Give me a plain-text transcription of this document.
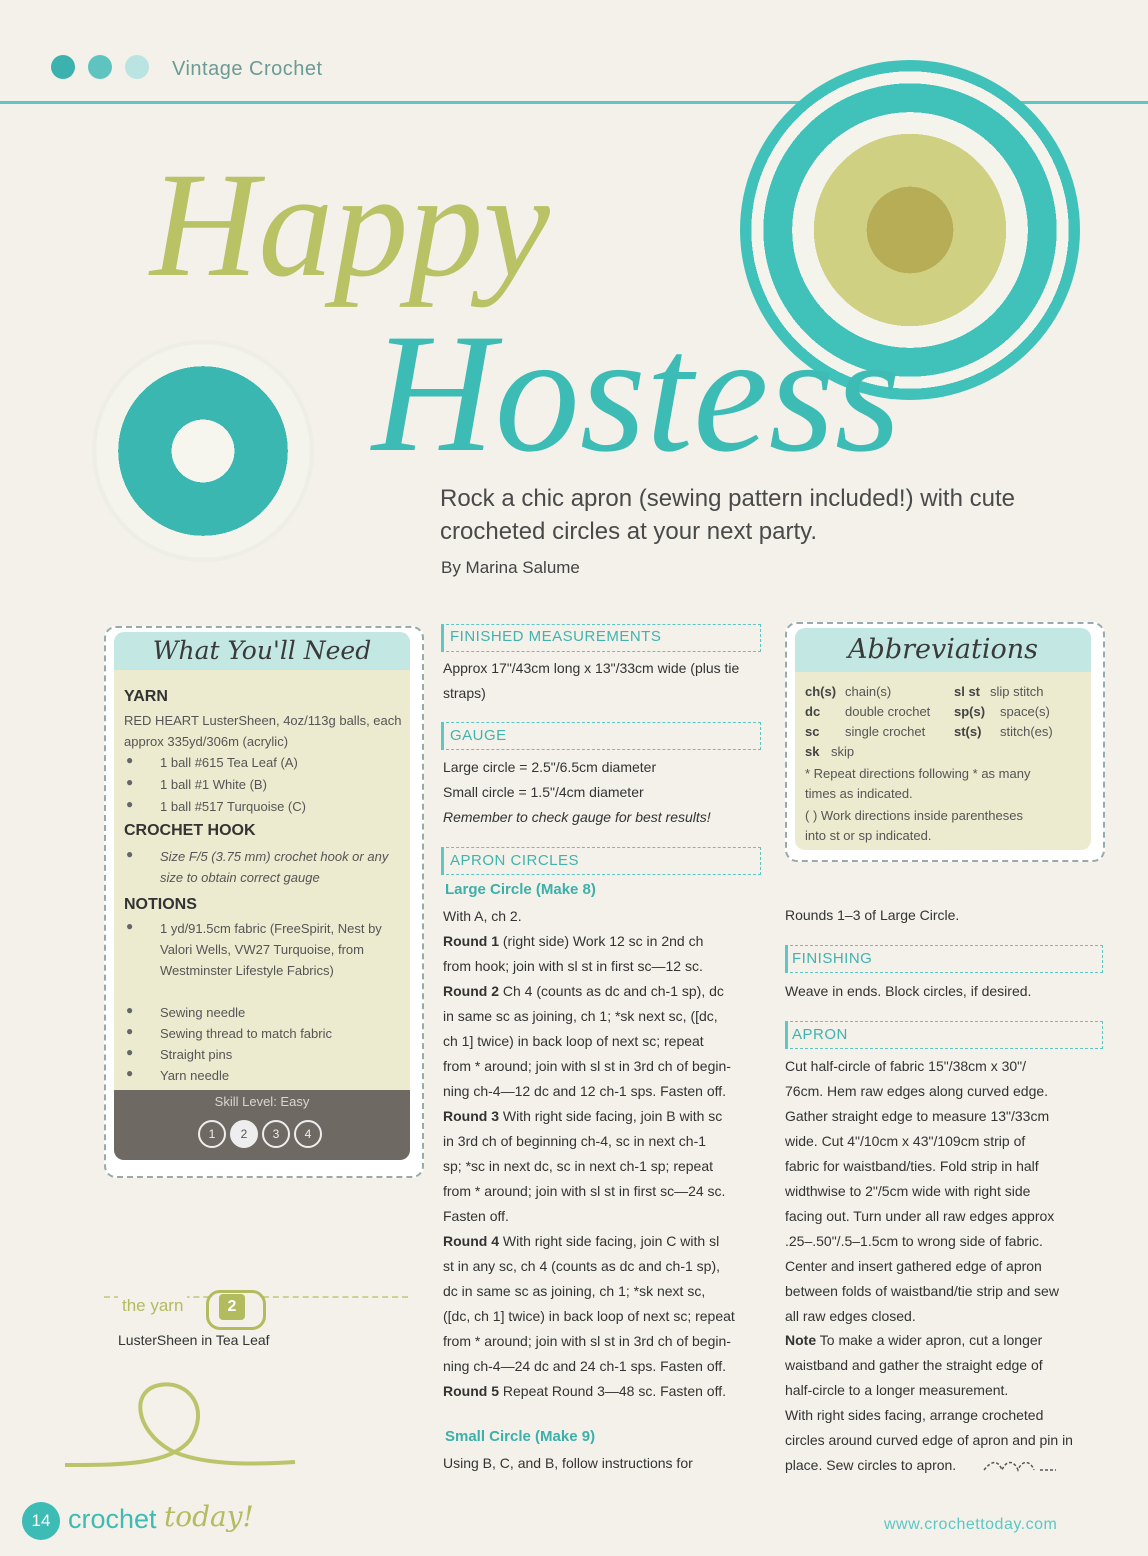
Vintage Crochet
Happy
Hostess
Rock a chic apron (sewing pattern included!) with cute crocheted circles at your next party.
By Marina Salume
What You'll Need
YARN
RED HEART LusterSheen, 4oz/113g balls, each approx 335yd/306m (acrylic)
● 1 ball #615 Tea Leaf (A)
● 1 ball #1 White (B)
● 1 ball #517 Turquoise (C)
CROCHET HOOK
● Size F/5 (3.75 mm) crochet hook or any size to obtain correct gauge
NOTIONS
● 1 yd/91.5cm fabric (FreeSpirit, Nest by Valori Wells, VW27 Turquoise, from Westminster Lifestyle Fabrics)
● Sewing needle
● Sewing thread to match fabric
● Straight pins
● Yarn needle
Skill Level: Easy
1	2	3	4
the yarn	2
LusterSheen in Tea Leaf
FINISHED MEASUREMENTS
Approx 17"/43cm long x 13"/33cm wide (plus tie straps)
GAUGE
Large circle = 2.5"/6.5cm diameter
Small circle = 1.5"/4cm diameter
Remember to check gauge for best results!
APRON CIRCLES
Large Circle (Make 8)
With A, ch 2.
Round 1 (right side) Work 12 sc in 2nd ch
from hook; join with sl st in first sc—12 sc.
Round 2 Ch 4 (counts as dc and ch-1 sp), dc
in same sc as joining, ch 1; *sk next sc, ([dc,
ch 1] twice) in back loop of next sc; repeat
from * around; join with sl st in 3rd ch of begin-
ning ch-4—12 dc and 12 ch-1 sps. Fasten off.
Round 3 With right side facing, join B with sc
in 3rd ch of beginning ch-4, sc in next ch-1
sp; *sc in next dc, sc in next ch-1 sp; repeat
from * around; join with sl st in first sc—24 sc.
Fasten off.
Round 4 With right side facing, join C with sl
st in any sc, ch 4 (counts as dc and ch-1 sp),
dc in same sc as joining, ch 1; *sk next sc,
([dc, ch 1] twice) in back loop of next sc; repeat
from * around; join with sl st in 3rd ch of begin-
ning ch-4—24 dc and 24 ch-1 sps. Fasten off.
Round 5 Repeat Round 3—48 sc. Fasten off.
Small Circle (Make 9)
Using B, C, and B, follow instructions for
Abbreviations
ch(s) chain(s)
dc double crochet
sc single crochet
sk skip
sl st slip stitch
sp(s) space(s)
st(s) stitch(es)
* Repeat directions following * as many
times as indicated.
( ) Work directions inside parentheses
into st or sp indicated.
Rounds 1–3 of Large Circle.
FINISHING
Weave in ends. Block circles, if desired.
APRON
Cut half-circle of fabric 15"/38cm x 30"/
76cm. Hem raw edges along curved edge.
Gather straight edge to measure 13"/33cm
wide. Cut 4"/10cm x 43"/109cm strip of
fabric for waistband/ties. Fold strip in half
widthwise to 2"/5cm wide with right side
facing out. Turn under all raw edges approx
.25–.50"/.5–1.5cm to wrong side of fabric.
Center and insert gathered edge of apron
between folds of waistband/tie strip and sew
all raw edges closed.
Note To make a wider apron, cut a longer
waistband and gather the straight edge of
half-circle to a longer measurement.
With right sides facing, arrange crocheted
circles around curved edge of apron and pin in
place. Sew circles to apron.
14 crochet today!	www.crochettoday.com
